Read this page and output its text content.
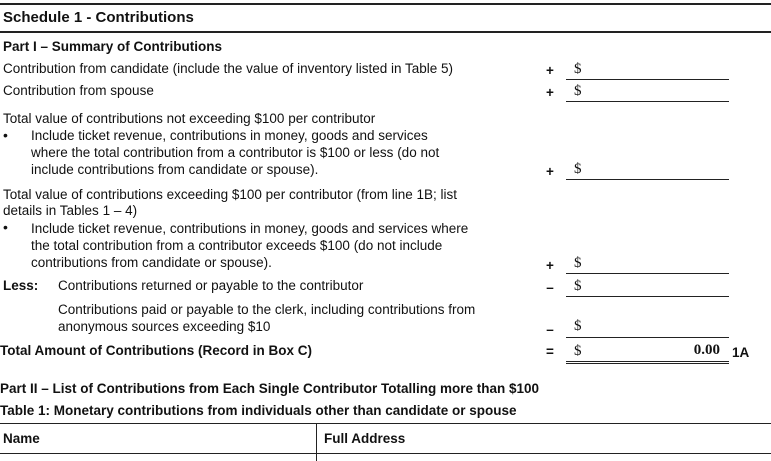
Schedule 1 - Contributions
Part I – Summary of Contributions
Contribution from candidate (include the value of inventory listed in Table 5)	+ $
Contribution from spouse	+ $
Total value of contributions not exceeding $100 per contributor
• Include ticket revenue, contributions in money, goods and services
where the total contribution from a contributor is $100 or less (do not
include contributions from candidate or spouse).	+ $
Total value of contributions exceeding $100 per contributor (from line 1B; list
details in Tables 1 – 4)
• Include ticket revenue, contributions in money, goods and services where
the total contribution from a contributor exceeds $100 (do not include
contributions from candidate or spouse).	+ $
Less: Contributions returned or payable to the contributor	– $
Contributions paid or payable to the clerk, including contributions from
anonymous sources exceeding $10	– $
Total Amount of Contributions (Record in Box C)	= $	0.00 1A
Part II – List of Contributions from Each Single Contributor Totalling more than $100
Table 1: Monetary contributions from individuals other than candidate or spouse
Name	Full Address
